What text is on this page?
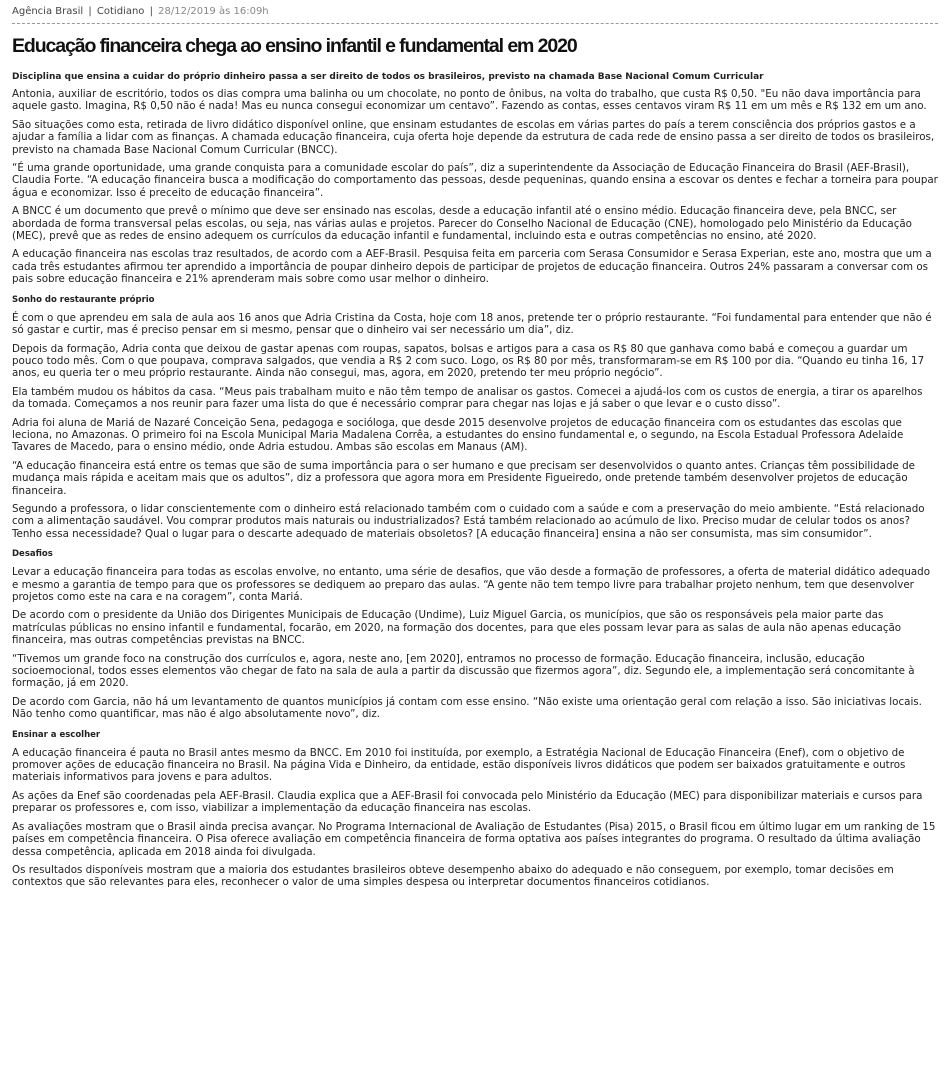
Agência Brasil | Cotidiano | 28/12/2019 às 16:09h
Educação financeira chega ao ensino infantil e fundamental em 2020
Disciplina que ensina a cuidar do próprio dinheiro passa a ser direito de todos os brasileiros, previsto na chamada Base Nacional Comum Curricular

Antonia, auxiliar de escritório, todos os dias compra uma balinha ou um chocolate, no ponto de ônibus, na volta do trabalho, que custa R$ 0,50. "Eu não dava importância para aquele gasto. Imagina, R$ 0,50 não é nada! Mas eu nunca consegui economizar um centavo”. Fazendo as contas, esses centavos viram R$ 11 em um mês e R$ 132 em um ano.

São situações como esta, retirada de livro didático disponível online, que ensinam estudantes de escolas em várias partes do país a terem consciência dos próprios gastos e a ajudar a família a lidar com as finanças. A chamada educação financeira, cuja oferta hoje depende da estrutura de cada rede de ensino passa a ser direito de todos os brasileiros, previsto na chamada Base Nacional Comum Curricular (BNCC).

“É uma grande oportunidade, uma grande conquista para a comunidade escolar do país”, diz a superintendente da Associação de Educação Financeira do Brasil (AEF-Brasil), Claudia Forte. “A educação financeira busca a modificação do comportamento das pessoas, desde pequeninas, quando ensina a escovar os dentes e fechar a torneira para poupar água e economizar. Isso é preceito de educação financeira”.

A BNCC é um documento que prevê o mínimo que deve ser ensinado nas escolas, desde a educação infantil até o ensino médio. Educação financeira deve, pela BNCC, ser abordada de forma transversal pelas escolas, ou seja, nas várias aulas e projetos. Parecer do Conselho Nacional de Educação (CNE), homologado pelo Ministério da Educação (MEC), prevê que as redes de ensino adequem os currículos da educação infantil e fundamental, incluindo esta e outras competências no ensino, até 2020.

A educação financeira nas escolas traz resultados, de acordo com a AEF-Brasil. Pesquisa feita em parceria com Serasa Consumidor e Serasa Experian, este ano, mostra que um a cada três estudantes afirmou ter aprendido a importância de poupar dinheiro depois de participar de projetos de educação financeira. Outros 24% passaram a conversar com os pais sobre educação financeira e 21% aprenderam mais sobre como usar melhor o dinheiro.

Sonho do restaurante próprio

É com o que aprendeu em sala de aula aos 16 anos que Adria Cristina da Costa, hoje com 18 anos, pretende ter o próprio restaurante. “Foi fundamental para entender que não é só gastar e curtir, mas é preciso pensar em si mesmo, pensar que o dinheiro vai ser necessário um dia”, diz.

Depois da formação, Adria conta que deixou de gastar apenas com roupas, sapatos, bolsas e artigos para a casa os R$ 80 que ganhava como babá e começou a guardar um pouco todo mês. Com o que poupava, comprava salgados, que vendia a R$ 2 com suco. Logo, os R$ 80 por mês, transformaram-se em R$ 100 por dia. “Quando eu tinha 16, 17 anos, eu queria ter o meu próprio restaurante. Ainda não consegui, mas, agora, em 2020, pretendo ter meu próprio negócio”.

Ela também mudou os hábitos da casa. “Meus pais trabalham muito e não têm tempo de analisar os gastos. Comecei a ajudá-los com os custos de energia, a tirar os aparelhos da tomada. Começamos a nos reunir para fazer uma lista do que é necessário comprar para chegar nas lojas e já saber o que levar e o custo disso”.

Adria foi aluna de Mariá de Nazaré Conceição Sena, pedagoga e socióloga, que desde 2015 desenvolve projetos de educação financeira com os estudantes das escolas que leciona, no Amazonas. O primeiro foi na Escola Municipal Maria Madalena Corrêa, a estudantes do ensino fundamental e, o segundo, na Escola Estadual Professora Adelaide Tavares de Macedo, para o ensino médio, onde Adria estudou. Ambas são escolas em Manaus (AM).

“A educação financeira está entre os temas que são de suma importância para o ser humano e que precisam ser desenvolvidos o quanto antes. Crianças têm possibilidade de mudança mais rápida e aceitam mais que os adultos”, diz a professora que agora mora em Presidente Figueiredo, onde pretende também desenvolver projetos de educação financeira.

Segundo a professora, o lidar conscientemente com o dinheiro está relacionado também com o cuidado com a saúde e com a preservação do meio ambiente. “Está relacionado com a alimentação saudável. Vou comprar produtos mais naturais ou industrializados? Está também relacionado ao acúmulo de lixo. Preciso mudar de celular todos os anos? Tenho essa necessidade? Qual o lugar para o descarte adequado de materiais obsoletos? [A educação financeira] ensina a não ser consumista, mas sim consumidor”.

Desafios

Levar a educação financeira para todas as escolas envolve, no entanto, uma série de desafios, que vão desde a formação de professores, a oferta de material didático adequado e mesmo a garantia de tempo para que os professores se dediquem ao preparo das aulas. “A gente não tem tempo livre para trabalhar projeto nenhum, tem que desenvolver projetos como este na cara e na coragem”, conta Mariá.

De acordo com o presidente da União dos Dirigentes Municipais de Educação (Undime), Luiz Miguel Garcia, os municípios, que são os responsáveis pela maior parte das matrículas públicas no ensino infantil e fundamental, focarão, em 2020, na formação dos docentes, para que eles possam levar para as salas de aula não apenas educação financeira, mas outras competências previstas na BNCC.

“Tivemos um grande foco na construção dos currículos e, agora, neste ano, [em 2020], entramos no processo de formação. Educação financeira, inclusão, educação socioemocional, todos esses elementos vão chegar de fato na sala de aula a partir da discussão que fizermos agora”, diz. Segundo ele, a implementação será concomitante à formação, já em 2020.

De acordo com Garcia, não há um levantamento de quantos municípios já contam com esse ensino. “Não existe uma orientação geral com relação a isso. São iniciativas locais. Não tenho como quantificar, mas não é algo absolutamente novo”, diz.

Ensinar a escolher

A educação financeira é pauta no Brasil antes mesmo da BNCC. Em 2010 foi instituída, por exemplo, a Estratégia Nacional de Educação Financeira (Enef), com o objetivo de promover ações de educação financeira no Brasil. Na página Vida e Dinheiro, da entidade, estão disponíveis livros didáticos que podem ser baixados gratuitamente e outros materiais informativos para jovens e para adultos.

As ações da Enef são coordenadas pela AEF-Brasil. Claudia explica que a AEF-Brasil foi convocada pelo Ministério da Educação (MEC) para disponibilizar materiais e cursos para preparar os professores e, com isso, viabilizar a implementação da educação financeira nas escolas.

As avaliações mostram que o Brasil ainda precisa avançar. No Programa Internacional de Avaliação de Estudantes (Pisa) 2015, o Brasil ficou em último lugar em um ranking de 15 países em competência financeira. O Pisa oferece avaliação em competência financeira de forma optativa aos países integrantes do programa. O resultado da última avaliação dessa competência, aplicada em 2018 ainda foi divulgada.

Os resultados disponíveis mostram que a maioria dos estudantes brasileiros obteve desempenho abaixo do adequado e não conseguem, por exemplo, tomar decisões em contextos que são relevantes para eles, reconhecer o valor de uma simples despesa ou interpretar documentos financeiros cotidianos.
